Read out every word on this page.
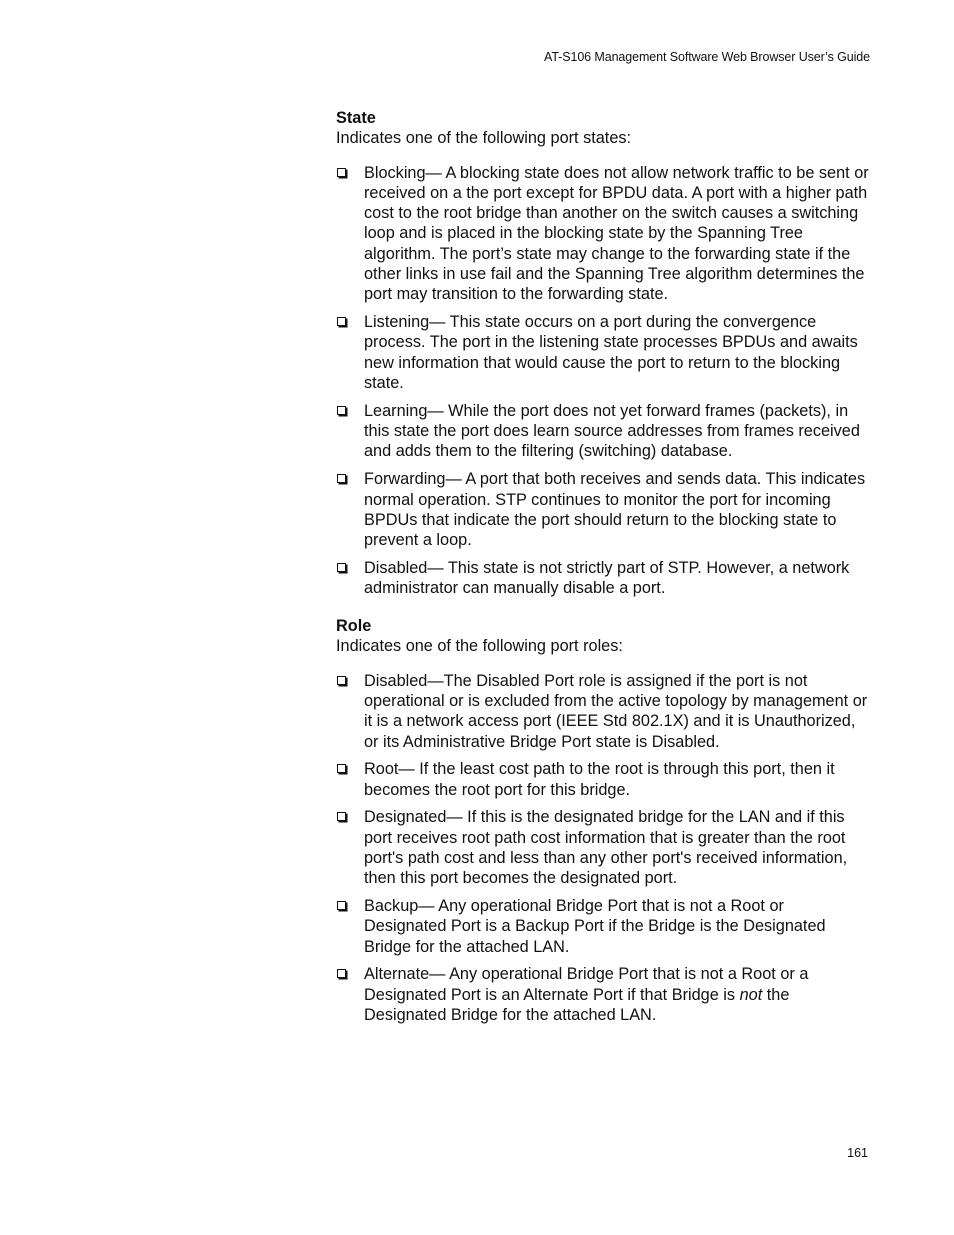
AT-S106 Management Software Web Browser User’s Guide

State

Indicates one of the following port states:

Blocking— A blocking state does not allow network traffic to be sent or received on a the port except for BPDU data. A port with a higher path cost to the root bridge than another on the switch causes a switching loop and is placed in the blocking state by the Spanning Tree algorithm. The port’s state may change to the forwarding state if the other links in use fail and the Spanning Tree algorithm determines the port may transition to the forwarding state.
Listening— This state occurs on a port during the convergence process. The port in the listening state processes BPDUs and awaits new information that would cause the port to return to the blocking state.
Learning— While the port does not yet forward frames (packets), in this state the port does learn source addresses from frames received and adds them to the filtering (switching) database.
Forwarding— A port that both receives and sends data. This indicates normal operation. STP continues to monitor the port for incoming BPDUs that indicate the port should return to the blocking state to prevent a loop.
Disabled— This state is not strictly part of STP. However, a network administrator can manually disable a port.

Role

Indicates one of the following port roles:

Disabled—The Disabled Port role is assigned if the port is not operational or is excluded from the active topology by management or it is a network access port (IEEE Std 802.1X) and it is Unauthorized, or its Administrative Bridge Port state is Disabled.
Root— If the least cost path to the root is through this port, then it becomes the root port for this bridge.
Designated— If this is the designated bridge for the LAN and if this port receives root path cost information that is greater than the root port's path cost and less than any other port's received information, then this port becomes the designated port.
Backup— Any operational Bridge Port that is not a Root or Designated Port is a Backup Port if the Bridge is the Designated Bridge for the attached LAN.
Alternate— Any operational Bridge Port that is not a Root or a Designated Port is an Alternate Port if that Bridge is not the Designated Bridge for the attached LAN.
161
